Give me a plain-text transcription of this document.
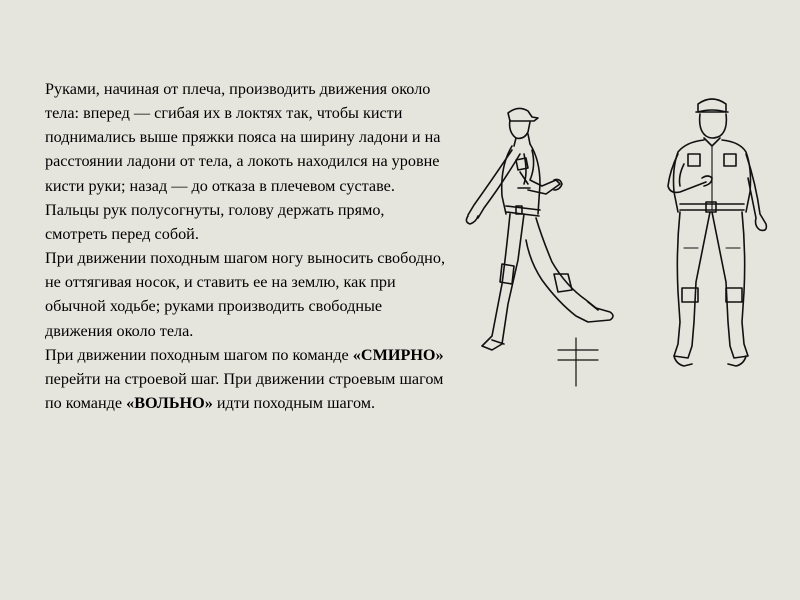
Руками, начиная от плеча, производить движения около тела: вперед — сгибая их в локтях так, чтобы кисти поднимались выше пряжки пояса на ширину ладони и на расстоянии ладони от тела, а локоть находился на уровне кисти руки; назад — до отказа в плечевом суставе. Пальцы рук полусогнуты, голову держать прямо, смотреть перед собой.

При движении походным шагом ногу выносить свободно, не оттягивая носок, и ставить ее на землю, как при обычной ходьбе; руками производить свободные движения около тела.

При движении походным шагом по команде «СМИРНО» перейти на строевой шаг. При движении строевым шагом по команде «ВОЛЬНО» идти походным шагом.
